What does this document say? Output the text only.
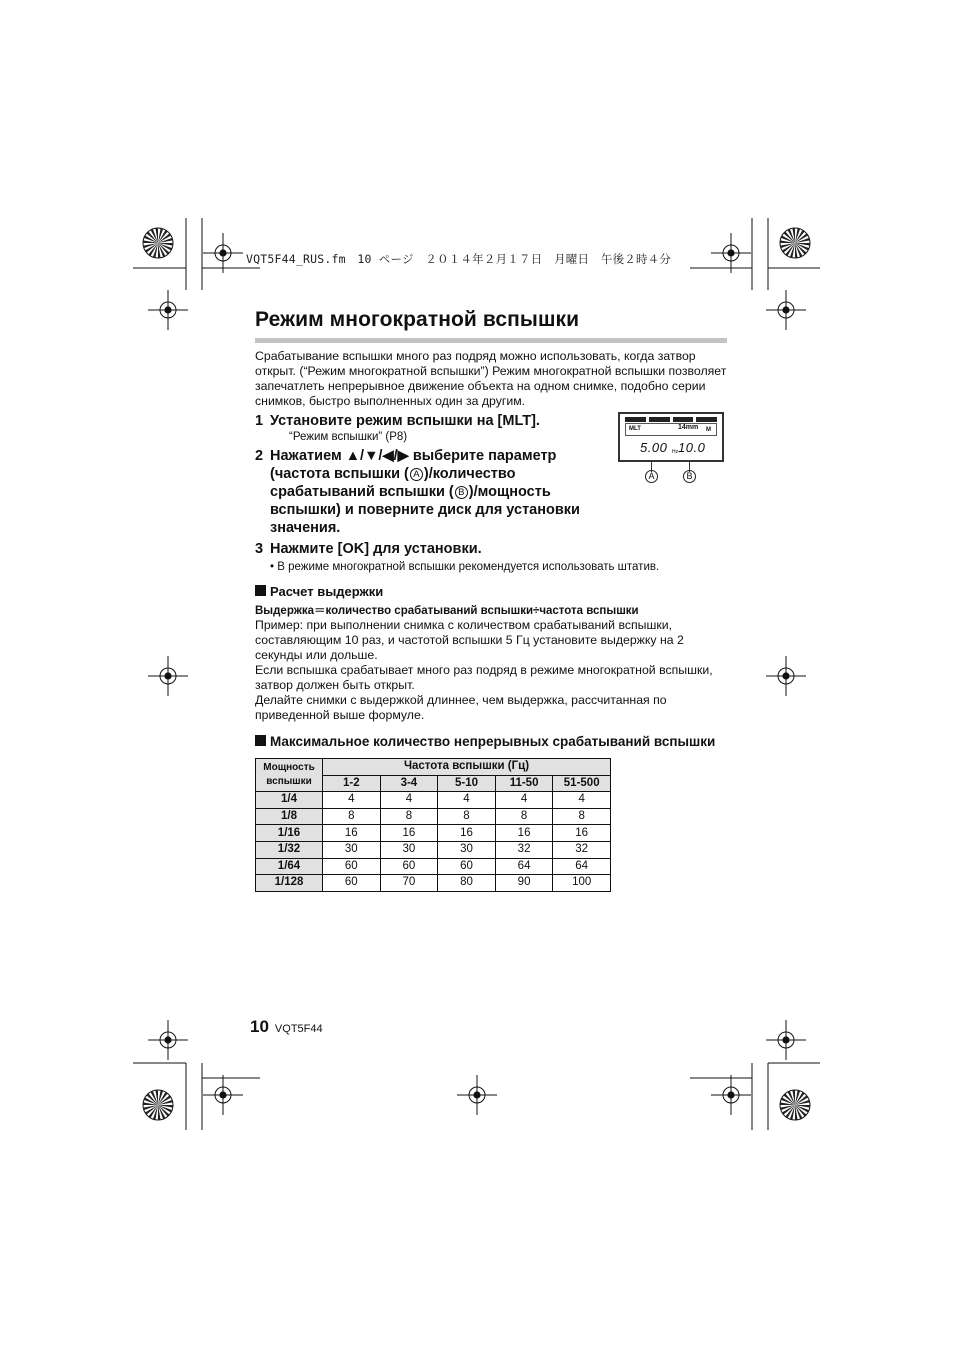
VQT5F44_RUS.fm　10 ページ　２０１４年２月１７日　月曜日　午後２時４分
Режим многократной вспышки

Срабатывание вспышки много раз подряд можно использовать, когда затвор открыт. (“Режим многократной вспышки”) Режим многократной вспышки позволяет запечатлеть непрерывное движение объекта на одном снимке, подобно серии снимков, быстро выполненных один за другим.

1 Установите режим вспышки на [MLT].
“Режим вспышки” (P8)
2 Нажатием ▲/▼/◀/▶ выберите параметр (частота вспышки ( A )/количество срабатываний вспышки ( B )/мощность вспышки) и поверните диск для установки значения.
MLT	14mm M
5.00 Hz 10.0
A	B
3 Нажмите [OK] для установки.
• В режиме многократной вспышки рекомендуется использовать штатив.
Расчет выдержки
Выдержка＝количество срабатываний вспышки÷частота вспышки

Пример: при выполнении снимка с количеством срабатываний вспышки, составляющим 10 раз, и частотой вспышки 5 Гц установите выдержку на 2 секунды или дольше.

Если вспышка срабатывает много раз подряд в режиме многократной вспышки, затвор должен быть открыт.

Делайте снимки с выдержкой длиннее, чем выдержка, рассчитанная по приведенной выше формуле.

Максимальное количество непрерывных срабатываний вспышки
Мощность вспышки	Частота вспышки (Гц)				
	1-2	3-4	5-10	11-50	51-500
1/4	4	4	4	4	4
1/8	8	8	8	8	8
1/16	16	16	16	16	16
1/32	30	30	30	32	32
1/64	60	60	60	64	64
1/128	60	70	80	90	100
10 VQT5F44
